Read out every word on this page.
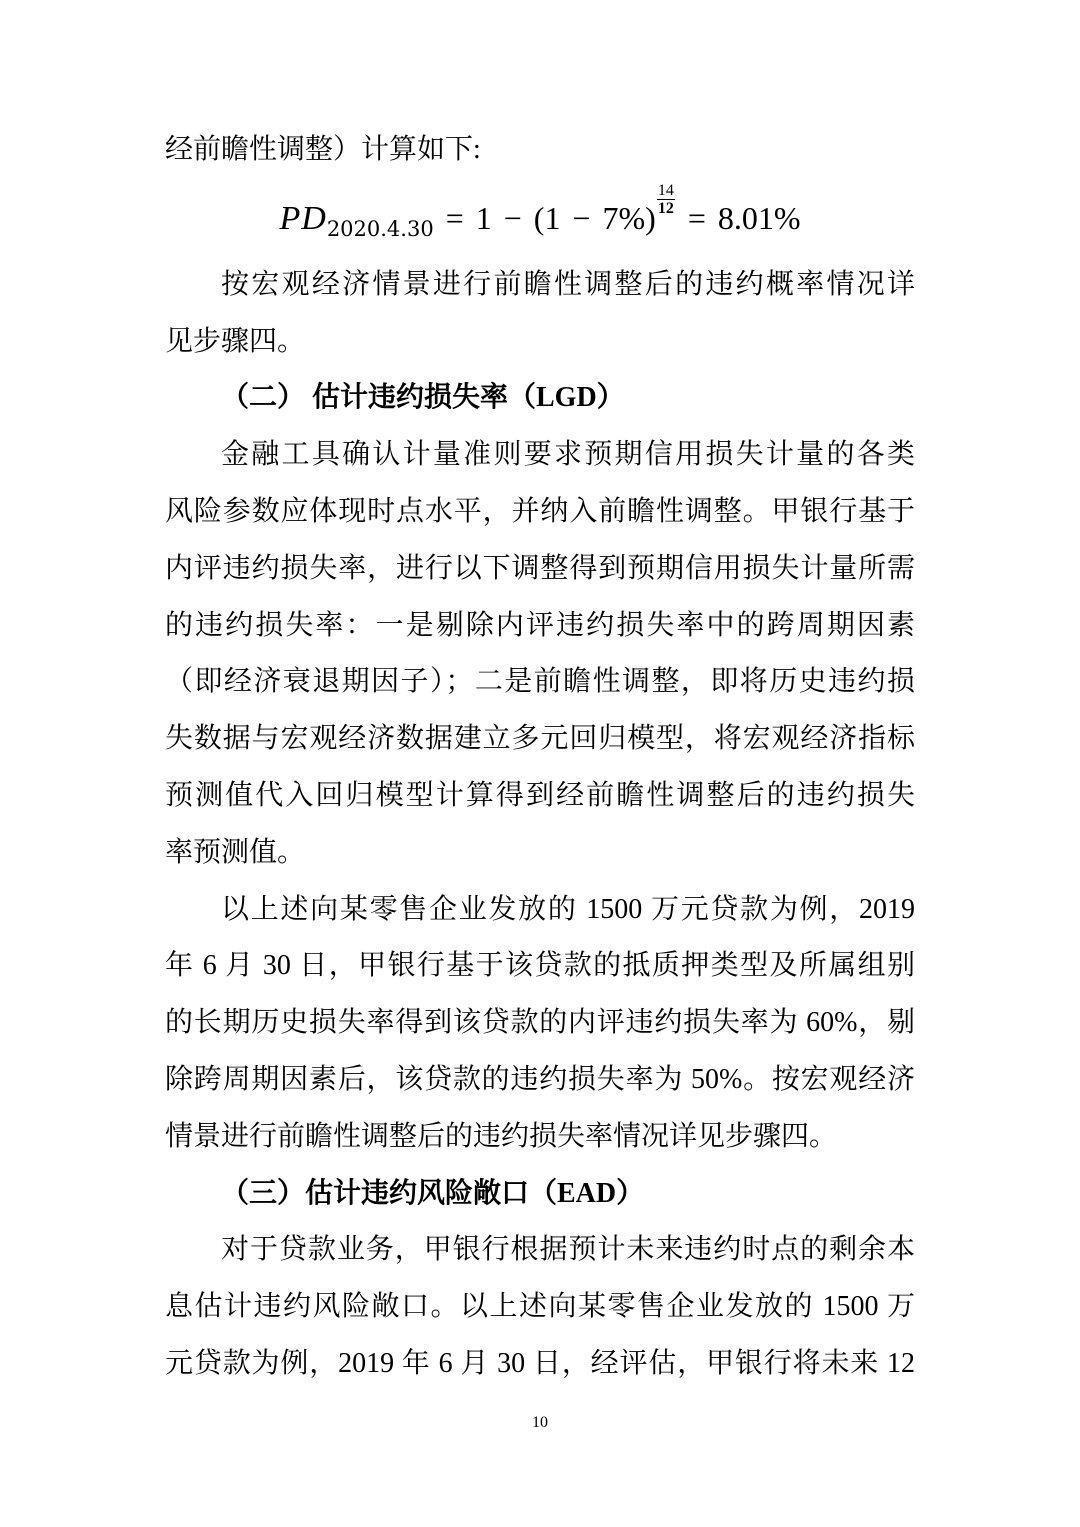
经前瞻性调整）计算如下:
$PD_{2020.4.30} = 1 - (1 - 7\%)$
$\frac{14}{12}$
= 8.01%
按宏观经济情景进行前瞻性调整后的违约概率情况详
见步骤四。
（二） 估计违约损失率（LGD）
金融工具确认计量准则要求预期信用损失计量的各类
风险参数应体现时点水平，并纳入前瞻性调整。甲银行基于
内评违约损失率，进行以下调整得到预期信用损失计量所需
的违约损失率：一是剔除内评违约损失率中的跨周期因素
（即经济衰退期因子）；二是前瞻性调整，即将历史违约损
失数据与宏观经济数据建立多元回归模型，将宏观经济指标
预测值代入回归模型计算得到经前瞻性调整后的违约损失
率预测值。
以上述向某零售企业发放的 1500 万元贷款为例，2019
年 6 月 30 日，甲银行基于该贷款的抵质押类型及所属组别
的长期历史损失率得到该贷款的内评违约损失率为 60%，剔
除跨周期因素后，该贷款的违约损失率为 50%。按宏观经济
情景进行前瞻性调整后的违约损失率情况详见步骤四。
（三）估计违约风险敞口（EAD）
对于贷款业务，甲银行根据预计未来违约时点的剩余本
息估计违约风险敞口。以上述向某零售企业发放的 1500 万
元贷款为例，2019 年 6 月 30 日，经评估，甲银行将未来 12
10
